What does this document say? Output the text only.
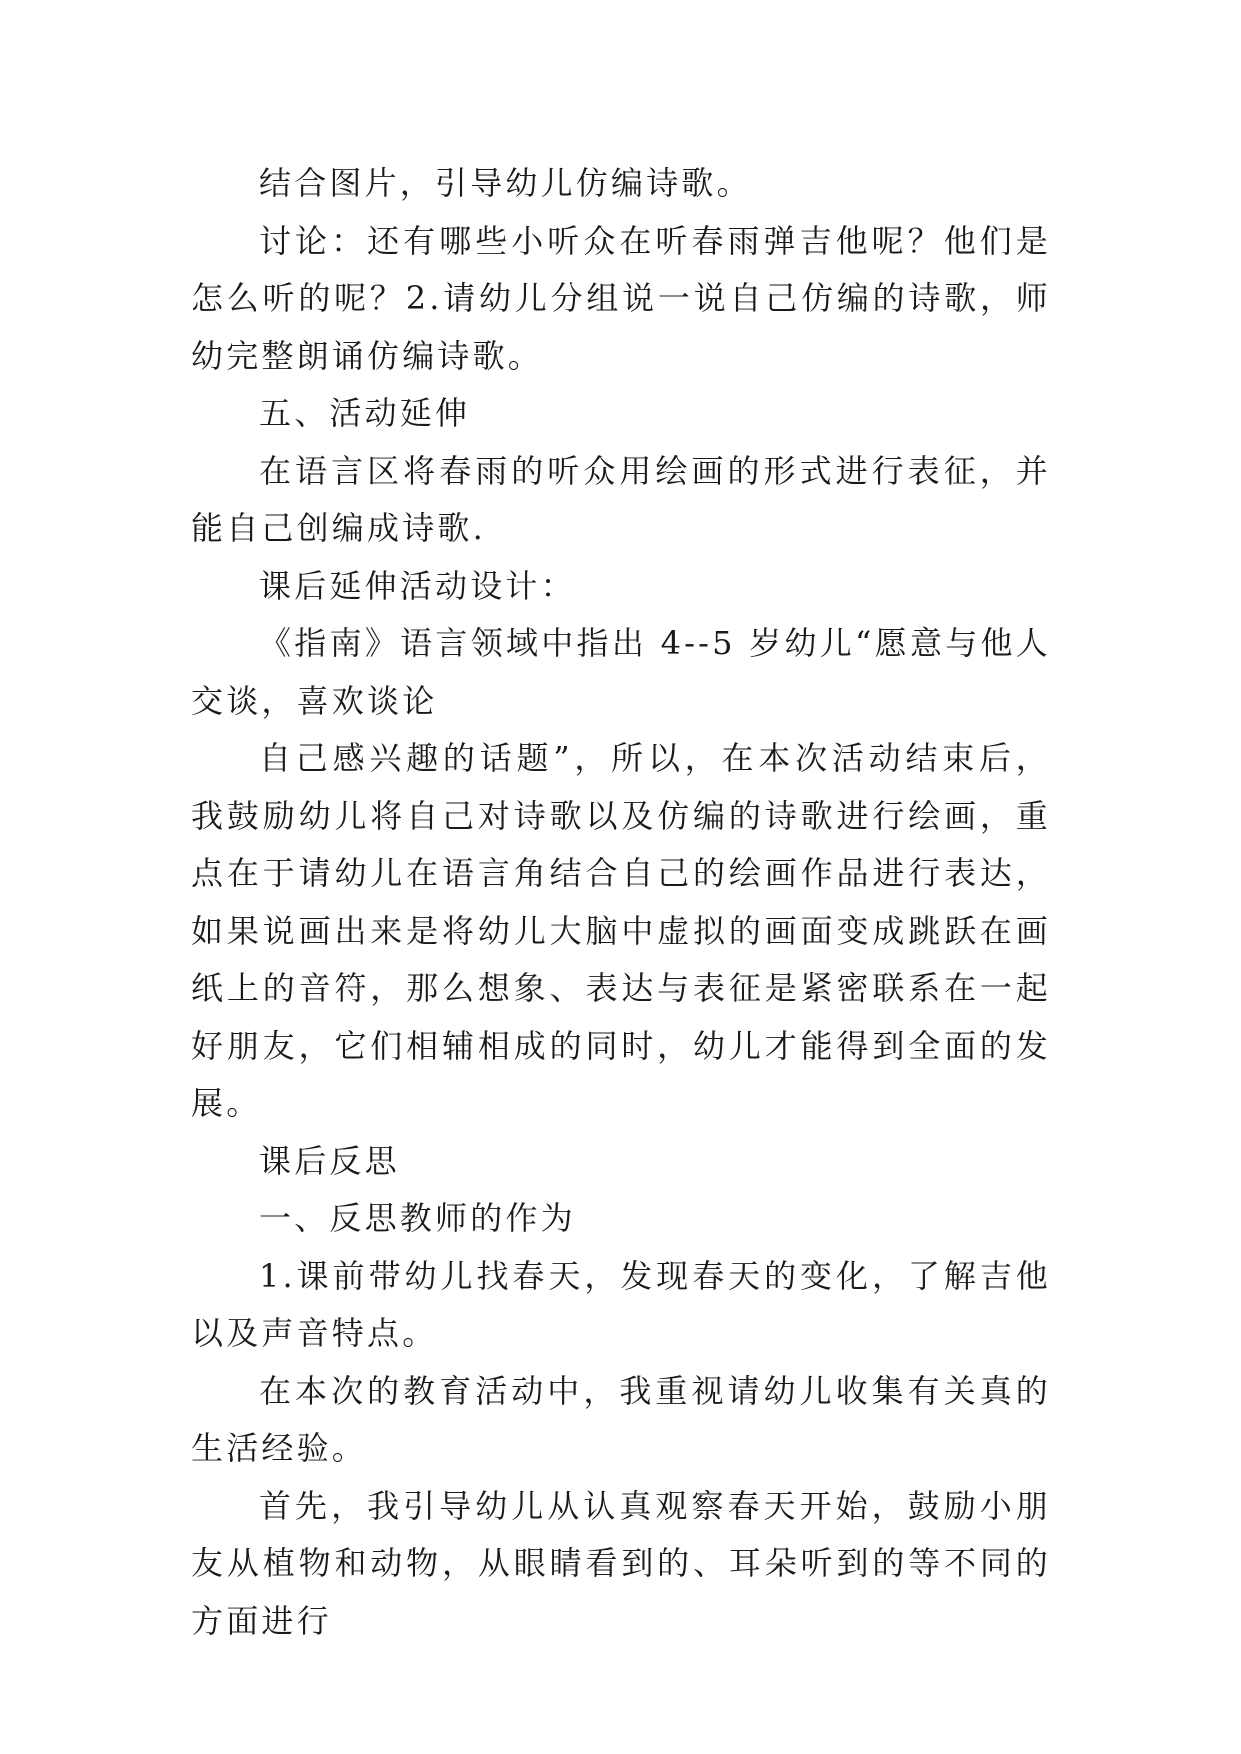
结合图片，引导幼儿仿编诗歌。

讨论：还有哪些小听众在听春雨弹吉他呢？他们是怎么听的呢？2.请幼儿分组说一说自己仿编的诗歌，师幼完整朗诵仿编诗歌。

五、活动延伸

在语言区将春雨的听众用绘画的形式进行表征，并能自己创编成诗歌.

课后延伸活动设计：

《指南》语言领域中指出 4--5 岁幼儿“愿意与他人交谈，喜欢谈论

自己感兴趣的话题”，所以，在本次活动结束后，我鼓励幼儿将自己对诗歌以及仿编的诗歌进行绘画，重点在于请幼儿在语言角结合自己的绘画作品进行表达，如果说画出来是将幼儿大脑中虚拟的画面变成跳跃在画纸上的音符，那么想象、表达与表征是紧密联系在一起好朋友，它们相辅相成的同时，幼儿才能得到全面的发展。

课后反思

一、反思教师的作为

1.课前带幼儿找春天，发现春天的变化，了解吉他以及声音特点。

在本次的教育活动中，我重视请幼儿收集有关真的生活经验。

首先，我引导幼儿从认真观察春天开始，鼓励小朋友从植物和动物，从眼睛看到的、耳朵听到的等不同的方面进行
